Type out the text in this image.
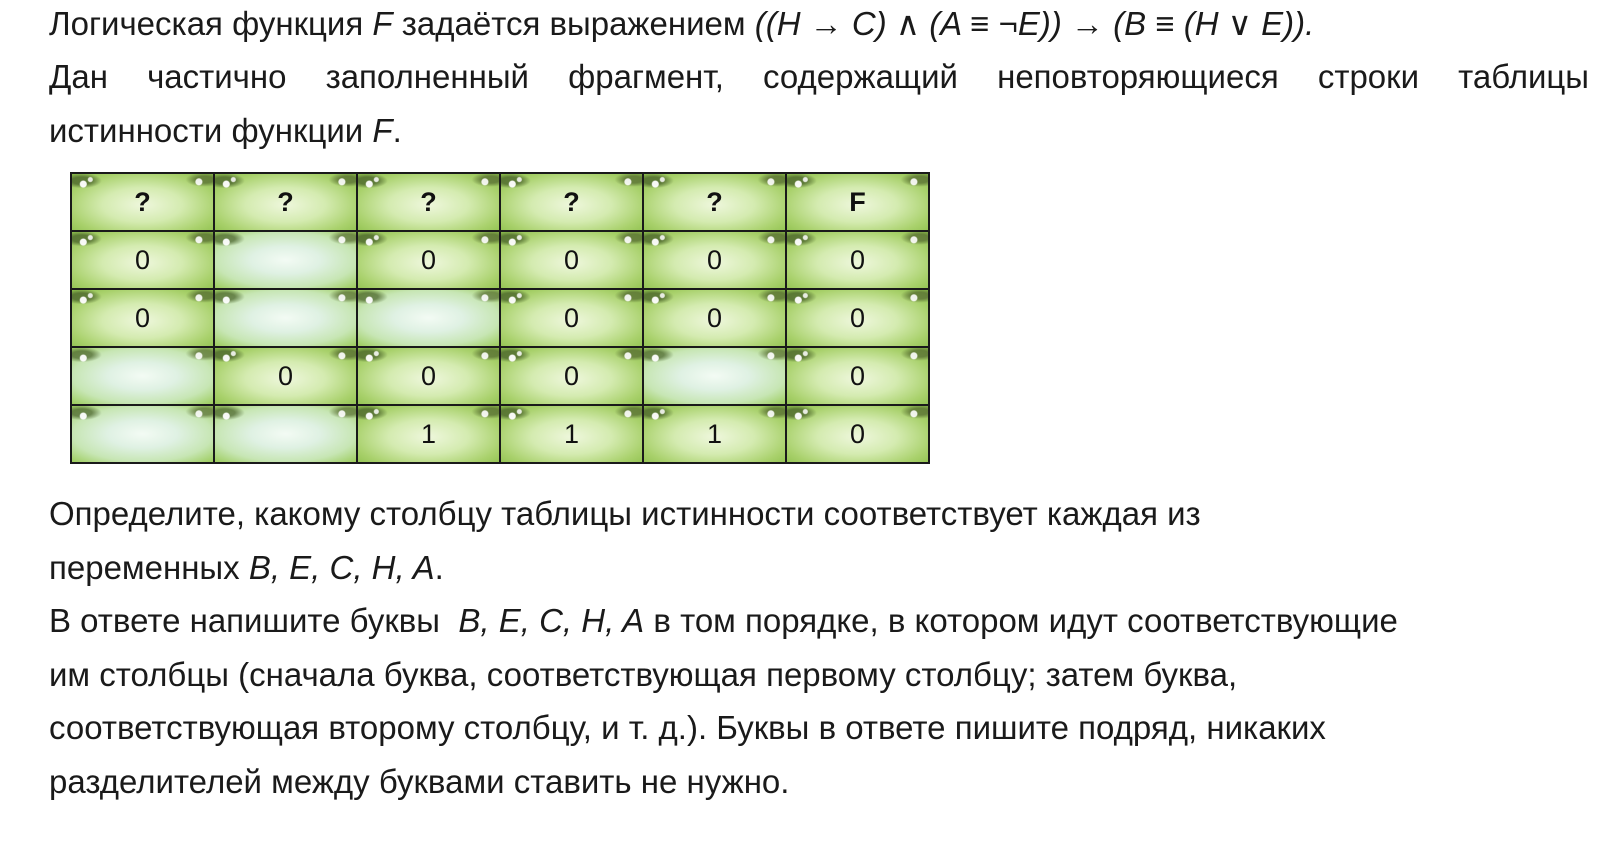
Логическая функция F задаётся выражением ((H → C) ∧ (A ≡ ¬E)) → (B ≡ (H ∨ E)).

Дан частично заполненный фрагмент, содержащий неповторяющиеся строки таблицы

истинности функции F.

?	?	?	?	?	F
0		0	0	0	0
0			0	0	0
	0	0	0		0
		1	1	1	0

Определите, какому столбцу таблицы истинности соответствует каждая из

переменных B, E, C, H, A.

В ответе напишите буквы B, E, C, H, A в том порядке, в котором идут соответствующие

им столбцы (сначала буква, соответствующая первому столбцу; затем буква,

соответствующая второму столбцу, и т. д.). Буквы в ответе пишите подряд, никаких

разделителей между буквами ставить не нужно.
